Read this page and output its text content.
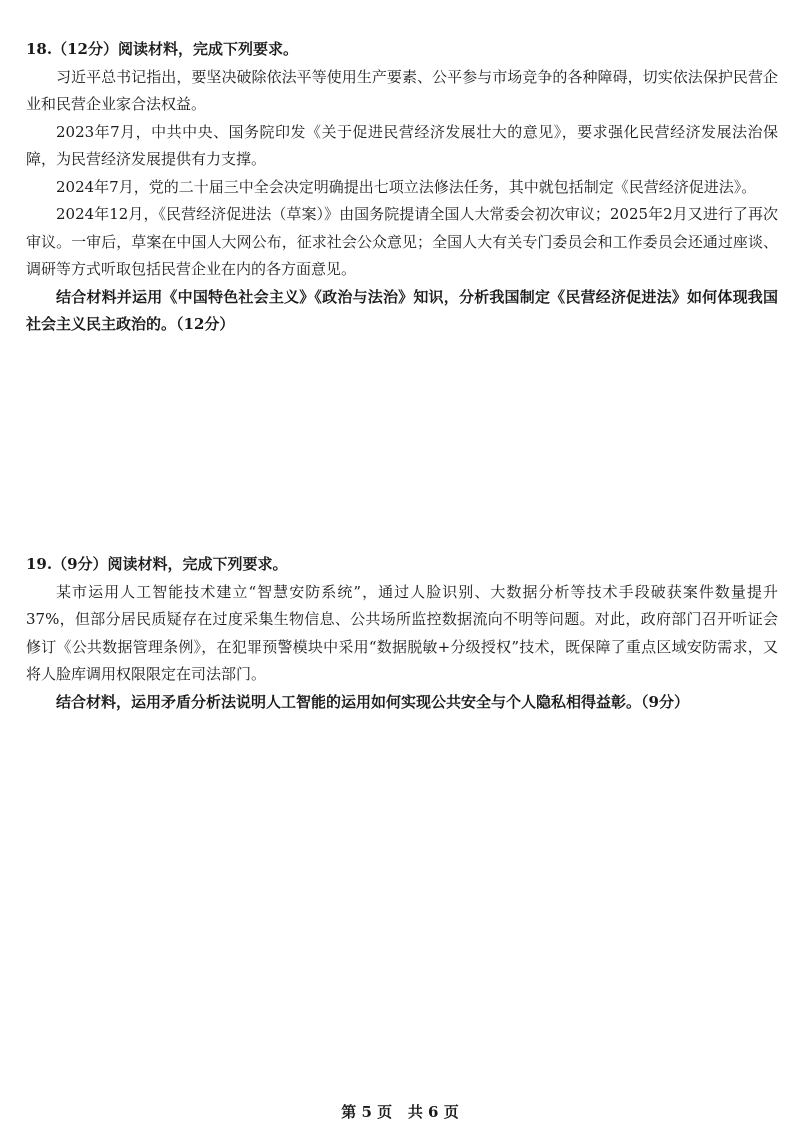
18.（12分）阅读材料，完成下列要求。

习近平总书记指出，要坚决破除依法平等使用生产要素、公平参与市场竞争的各种障碍，切实依法保护民营企业和民营企业家合法权益。

2023年7月，中共中央、国务院印发《关于促进民营经济发展壮大的意见》，要求强化民营经济发展法治保障，为民营经济发展提供有力支撑。

2024年7月，党的二十届三中全会决定明确提出七项立法修法任务，其中就包括制定《民营经济促进法》。

2024年12月，《民营经济促进法（草案）》由国务院提请全国人大常委会初次审议；2025年2月又进行了再次审议。一审后，草案在中国人大网公布，征求社会公众意见；全国人大有关专门委员会和工作委员会还通过座谈、调研等方式听取包括民营企业在内的各方面意见。

结合材料并运用《中国特色社会主义》《政治与法治》知识，分析我国制定《民营经济促进法》如何体现我国社会主义民主政治的。（12分）

19.（9分）阅读材料，完成下列要求。

某市运用人工智能技术建立“智慧安防系统”，通过人脸识别、大数据分析等技术手段破获案件数量提升37%，但部分居民质疑存在过度采集生物信息、公共场所监控数据流向不明等问题。对此，政府部门召开听证会修订《公共数据管理条例》，在犯罪预警模块中采用“数据脱敏+分级授权”技术，既保障了重点区域安防需求，又将人脸库调用权限限定在司法部门。

结合材料，运用矛盾分析法说明人工智能的运用如何实现公共安全与个人隐私相得益彰。（9分）

第 5 页   共 6 页
